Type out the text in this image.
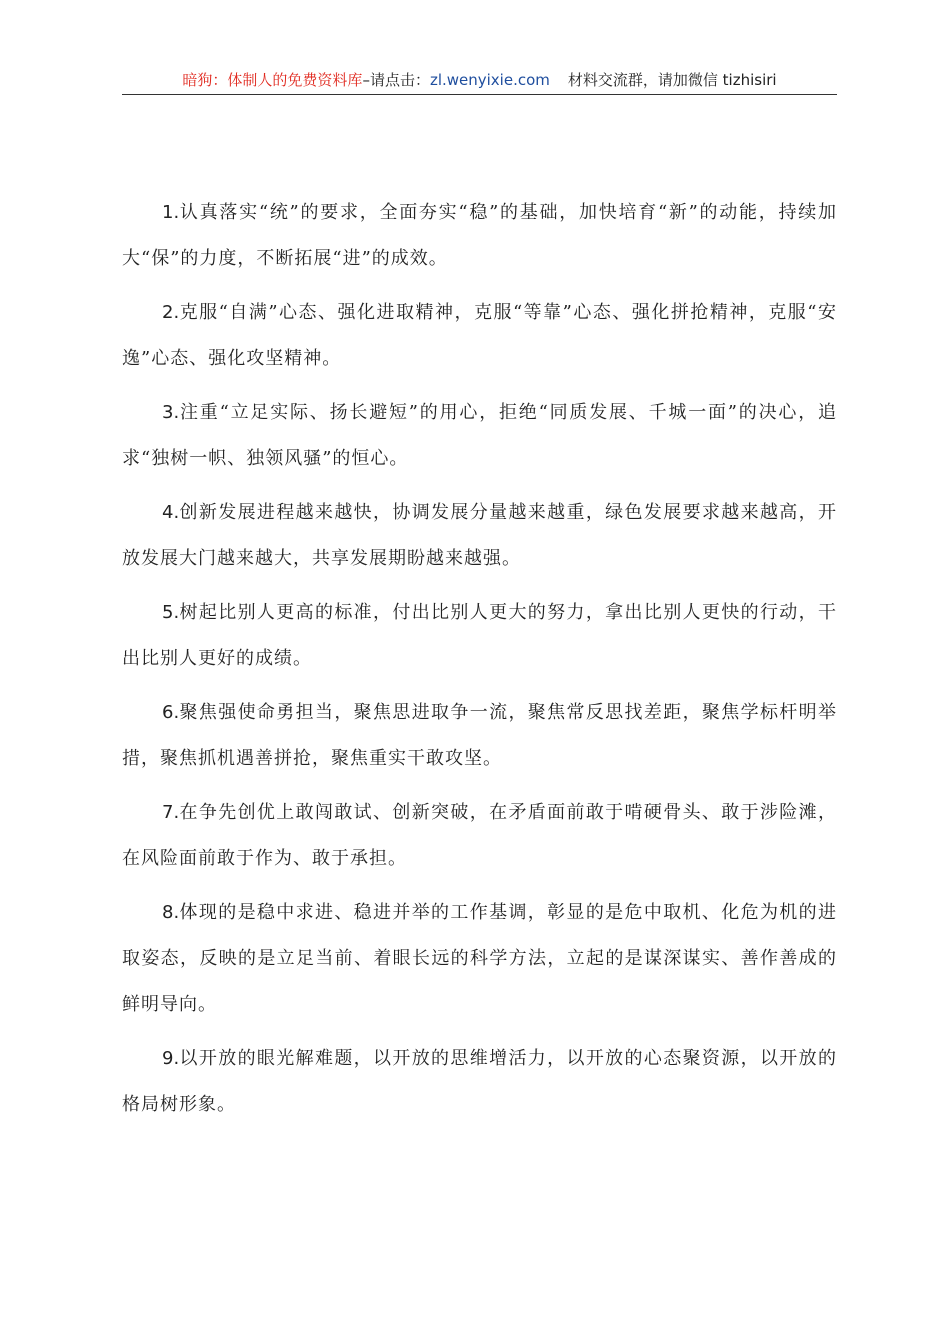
暗狗：体制人的免费资料库–请点击：zl.wenyixie.com 材料交流群，请加微信 tizhisiri

1.认真落实“统”的要求，全面夯实“稳”的基础，加快培育“新”的动能，持续加大“保”的力度，不断拓展“进”的成效。

2.克服“自满”心态、强化进取精神，克服“等靠”心态、强化拼抢精神，克服“安逸”心态、强化攻坚精神。

3.注重“立足实际、扬长避短”的用心，拒绝“同质发展、千城一面”的决心，追求“独树一帜、独领风骚”的恒心。

4.创新发展进程越来越快，协调发展分量越来越重，绿色发展要求越来越高，开放发展大门越来越大，共享发展期盼越来越强。

5.树起比别人更高的标准，付出比别人更大的努力，拿出比别人更快的行动，干出比别人更好的成绩。

6.聚焦强使命勇担当，聚焦思进取争一流，聚焦常反思找差距，聚焦学标杆明举措，聚焦抓机遇善拼抢，聚焦重实干敢攻坚。

7.在争先创优上敢闯敢试、创新突破，在矛盾面前敢于啃硬骨头、敢于涉险滩，在风险面前敢于作为、敢于承担。

8.体现的是稳中求进、稳进并举的工作基调，彰显的是危中取机、化危为机的进取姿态，反映的是立足当前、着眼长远的科学方法，立起的是谋深谋实、善作善成的鲜明导向。

9.以开放的眼光解难题，以开放的思维增活力，以开放的心态聚资源，以开放的格局树形象。
